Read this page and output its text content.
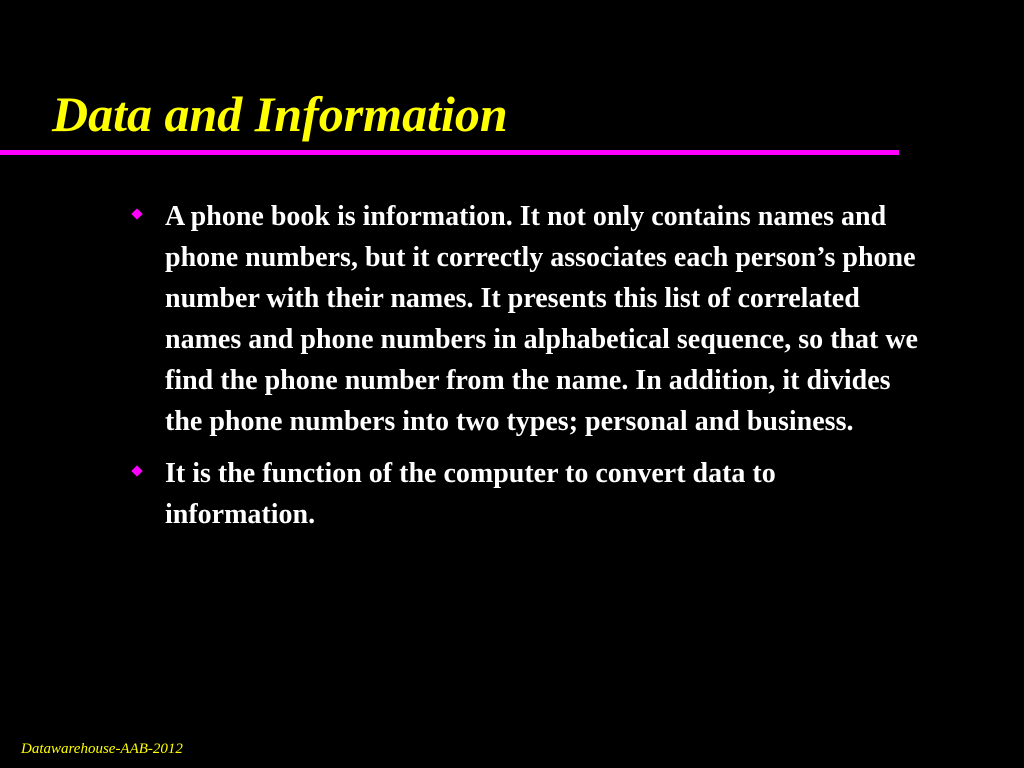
Data and Information
A phone book is information. It not only contains names and phone numbers, but it correctly associates each person’s phone number with their names. It presents this list of correlated names and phone numbers in alphabetical sequence, so that we find the phone number from the name. In addition, it divides the phone numbers into two types; personal and business.
It is the function of the computer to convert data to information.
Datawarehouse-AAB-2012
